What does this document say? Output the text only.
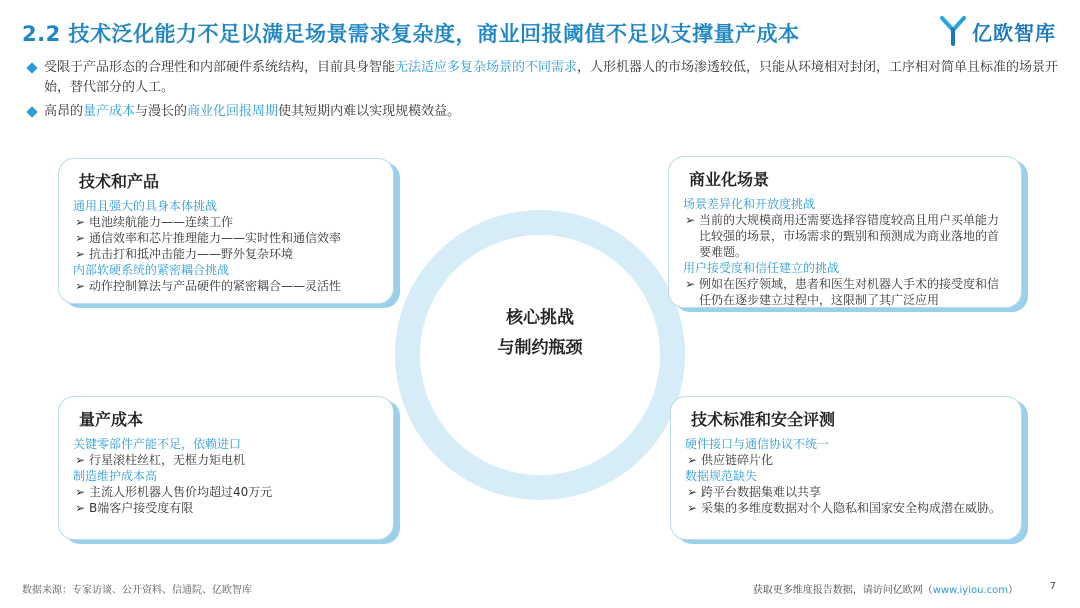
2.2 技术泛化能力不足以满足场景需求复杂度，商业回报阈值不足以支撑量产成本	亿欧智库
受限于产品形态的合理性和内部硬件系统结构，目前具身智能无法适应多复杂场景的不同需求，人形机器人的市场渗透较低，只能从环境相对封闭，工序相对简单且标准的场景开始，替代部分的人工。
高昂的量产成本与漫长的商业化回报周期使其短期内难以实现规模效益。
核心挑战
与制约瓶颈
技术和产品
通用且强大的具身本体挑战
➢ 电池续航能力——连续工作
➢ 通信效率和芯片推理能力——实时性和通信效率
➢ 抗击打和抵冲击能力——野外复杂环境
内部软硬系统的紧密耦合挑战
➢ 动作控制算法与产品硬件的紧密耦合——灵活性
商业化场景
场景差异化和开放度挑战
➢ 当前的大规模商用还需要选择容错度较高且用户买单能力比较强的场景，市场需求的甄别和预测成为商业落地的首要难题。
用户接受度和信任建立的挑战
➢ 例如在医疗领域，患者和医生对机器人手术的接受度和信任仍在逐步建立过程中，这限制了其广泛应用
量产成本
关键零部件产能不足，依赖进口
➢ 行星滚柱丝杠，无框力矩电机
制造维护成本高
➢ 主流人形机器人售价均超过40万元
➢ B端客户接受度有限
技术标准和安全评测
硬件接口与通信协议不统一
➢ 供应链碎片化
数据规范缺失
➢ 跨平台数据集难以共享
➢ 采集的多维度数据对个人隐私和国家安全构成潜在威胁。
数据来源：专家访谈、公开资料、信通院、亿欧智库	获取更多维度报告数据，请访问亿欧网（www.iyiou.com）	7
